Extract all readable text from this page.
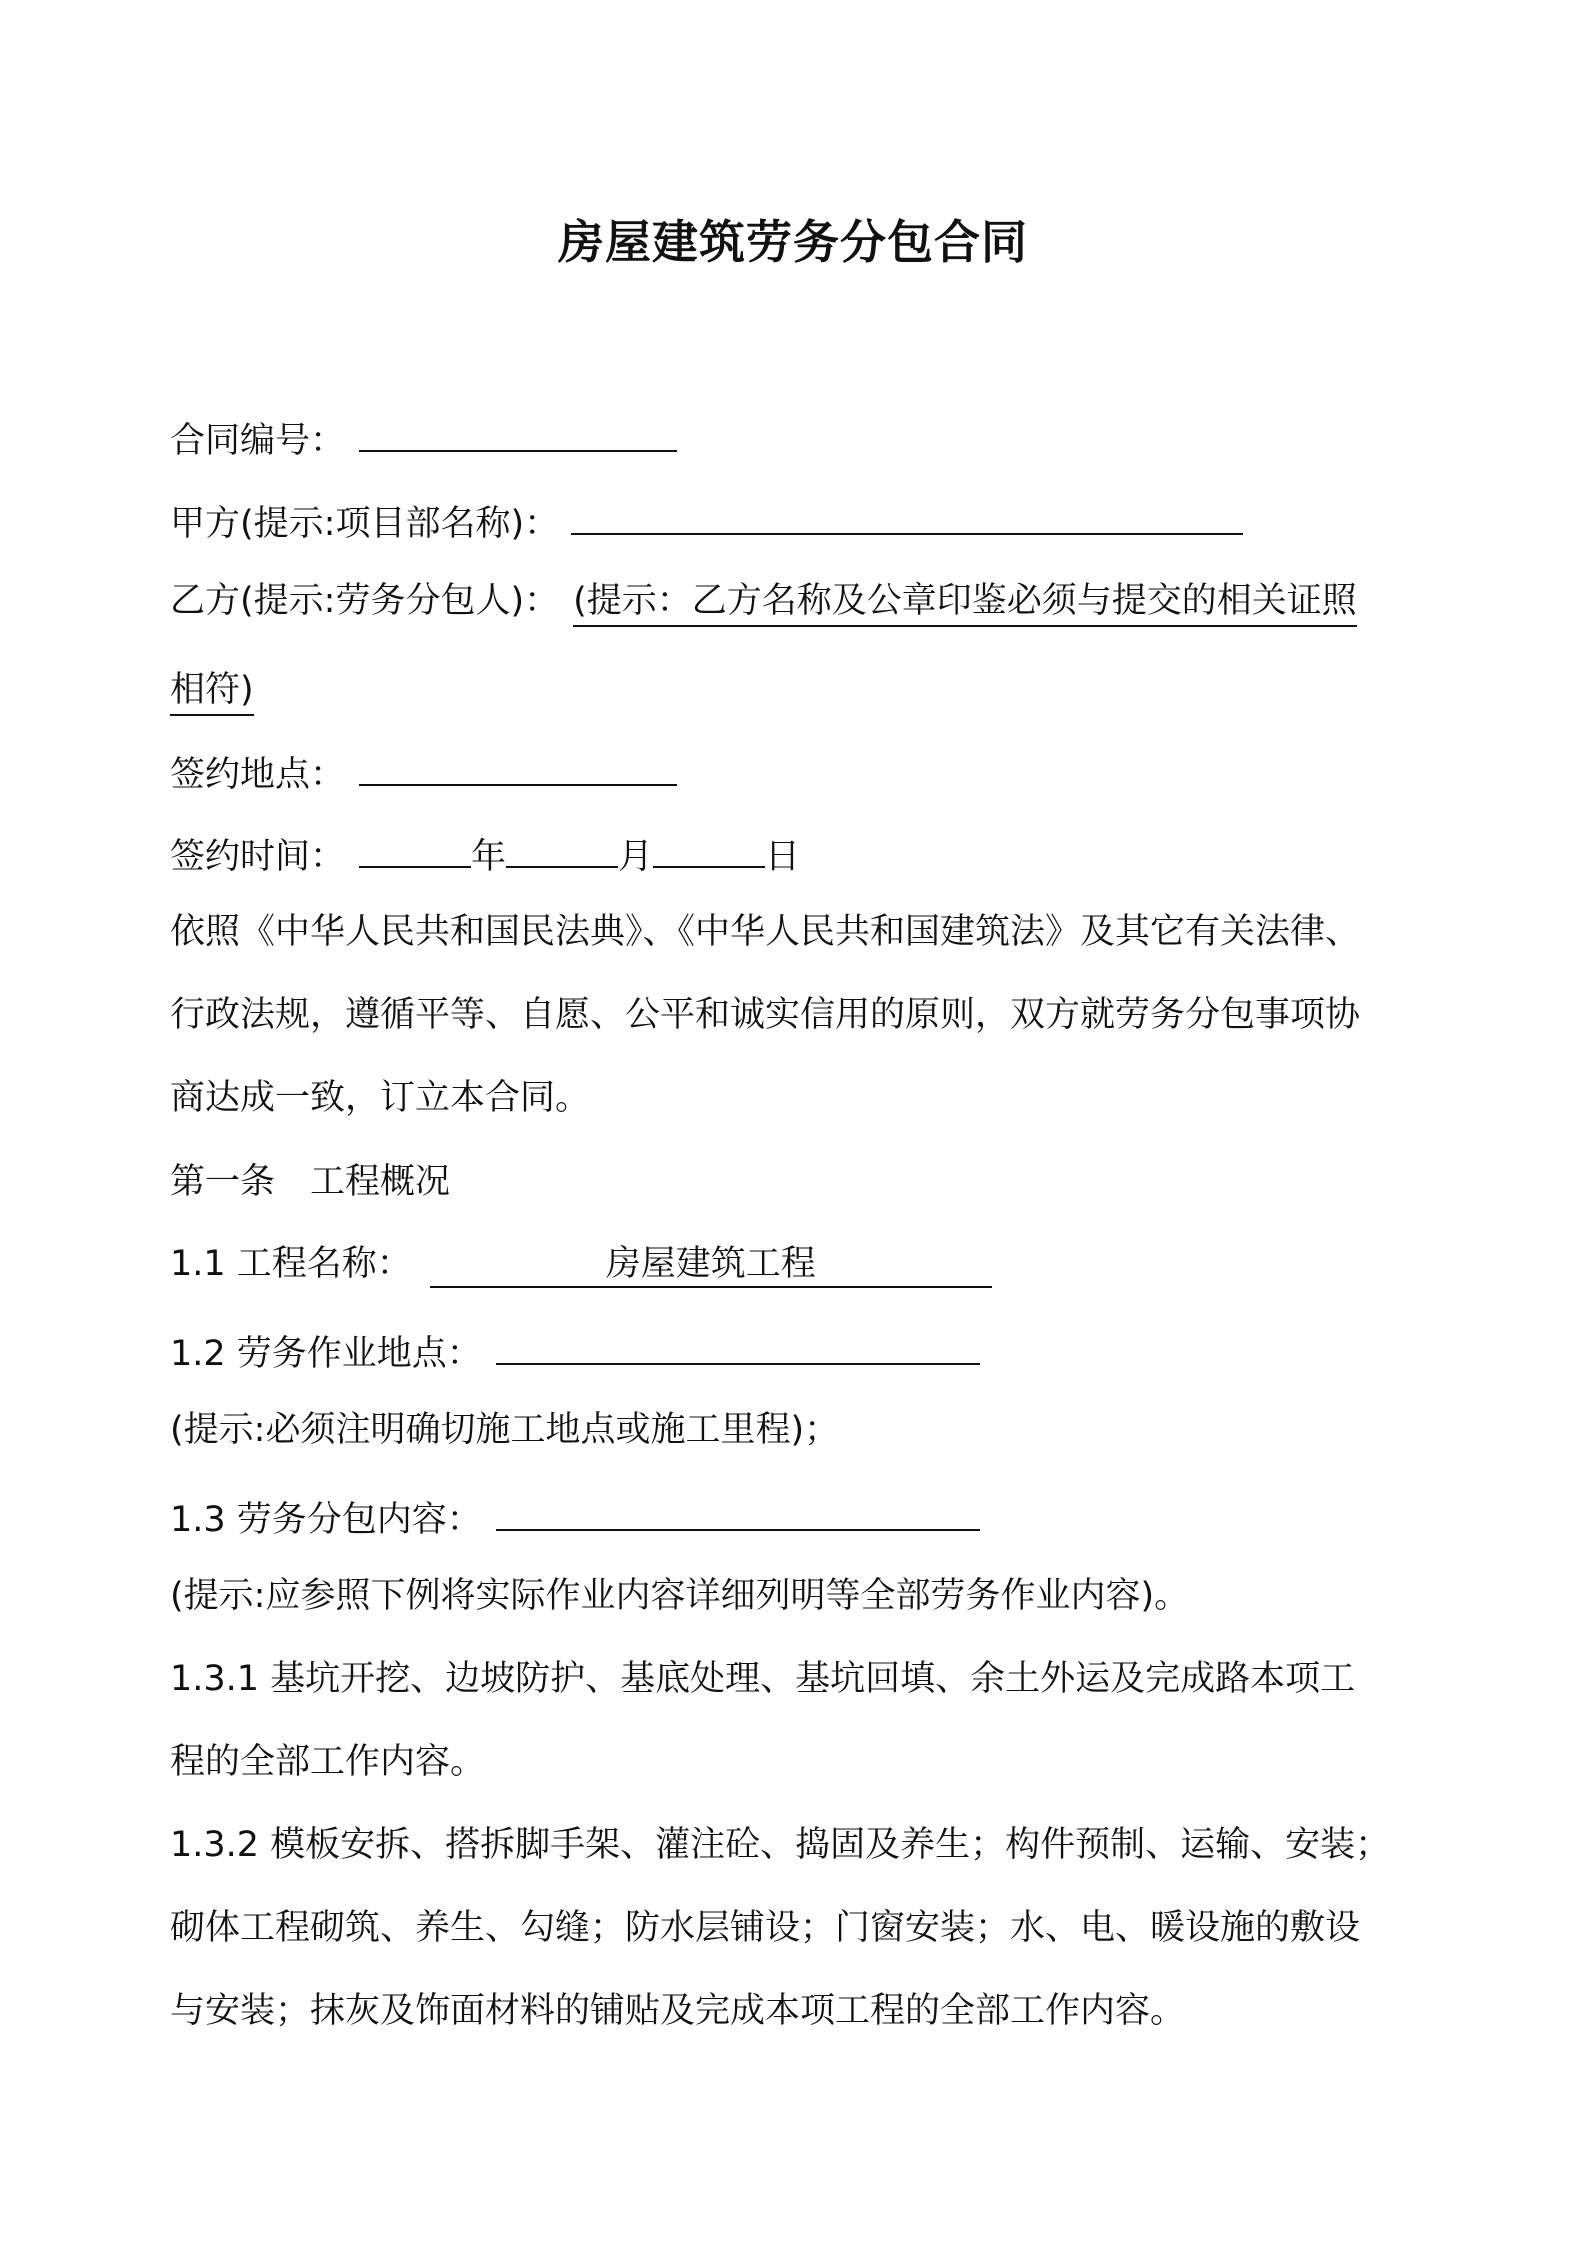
房屋建筑劳务分包合同
合同编号：
甲方(提示:项目部名称)：
乙方(提示:劳务分包人)： (提示：乙方名称及公章印鉴必须与提交的相关证照
相符)
签约地点：
签约时间：	年	月	日
依照《中华人民共和国民法典》、《中华人民共和国建筑法》及其它有关法律、
行政法规，遵循平等、自愿、公平和诚实信用的原则，双方就劳务分包事项协
商达成一致，订立本合同。
第一条　工程概况
1.1 工程名称：	房屋建筑工程
1.2 劳务作业地点：
(提示:必须注明确切施工地点或施工里程)；
1.3 劳务分包内容：
(提示:应参照下例将实际作业内容详细列明等全部劳务作业内容)。
1.3.1 基坑开挖、边坡防护、基底处理、基坑回填、余土外运及完成路本项工
程的全部工作内容。
1.3.2 模板安拆、搭拆脚手架、灌注砼、捣固及养生；构件预制、运输、安装；
砌体工程砌筑、养生、勾缝；防水层铺设；门窗安装；水、电、暖设施的敷设
与安装；抹灰及饰面材料的铺贴及完成本项工程的全部工作内容。
